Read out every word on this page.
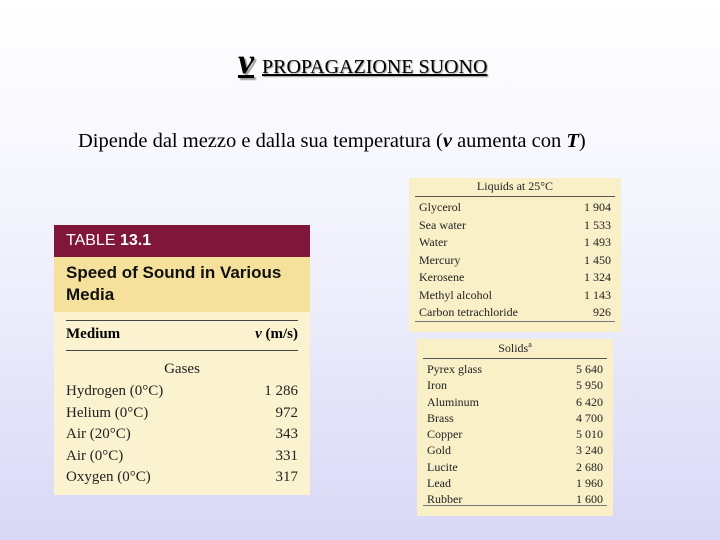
v PROPAGAZIONE SUONO
Dipende dal mezzo e dalla sua temperatura (v aumenta con T)
TABLE 13.1
Speed of Sound in Various Media
Medium	v (m/s)
Gases
Hydrogen (0°C)	1 286
Helium (0°C)	972
Air (20°C)	343
Air (0°C)	331
Oxygen (0°C)	317
Liquids at 25°C
Glycerol	1 904
Sea water	1 533
Water	1 493
Mercury	1 450
Kerosene	1 324
Methyl alcohol	1 143
Carbon tetrachloride	926
Solids$^a$
Pyrex glass	5 640
Iron	5 950
Aluminum	6 420
Brass	4 700
Copper	5 010
Gold	3 240
Lucite	2 680
Lead	1 960
Rubber	1 600
